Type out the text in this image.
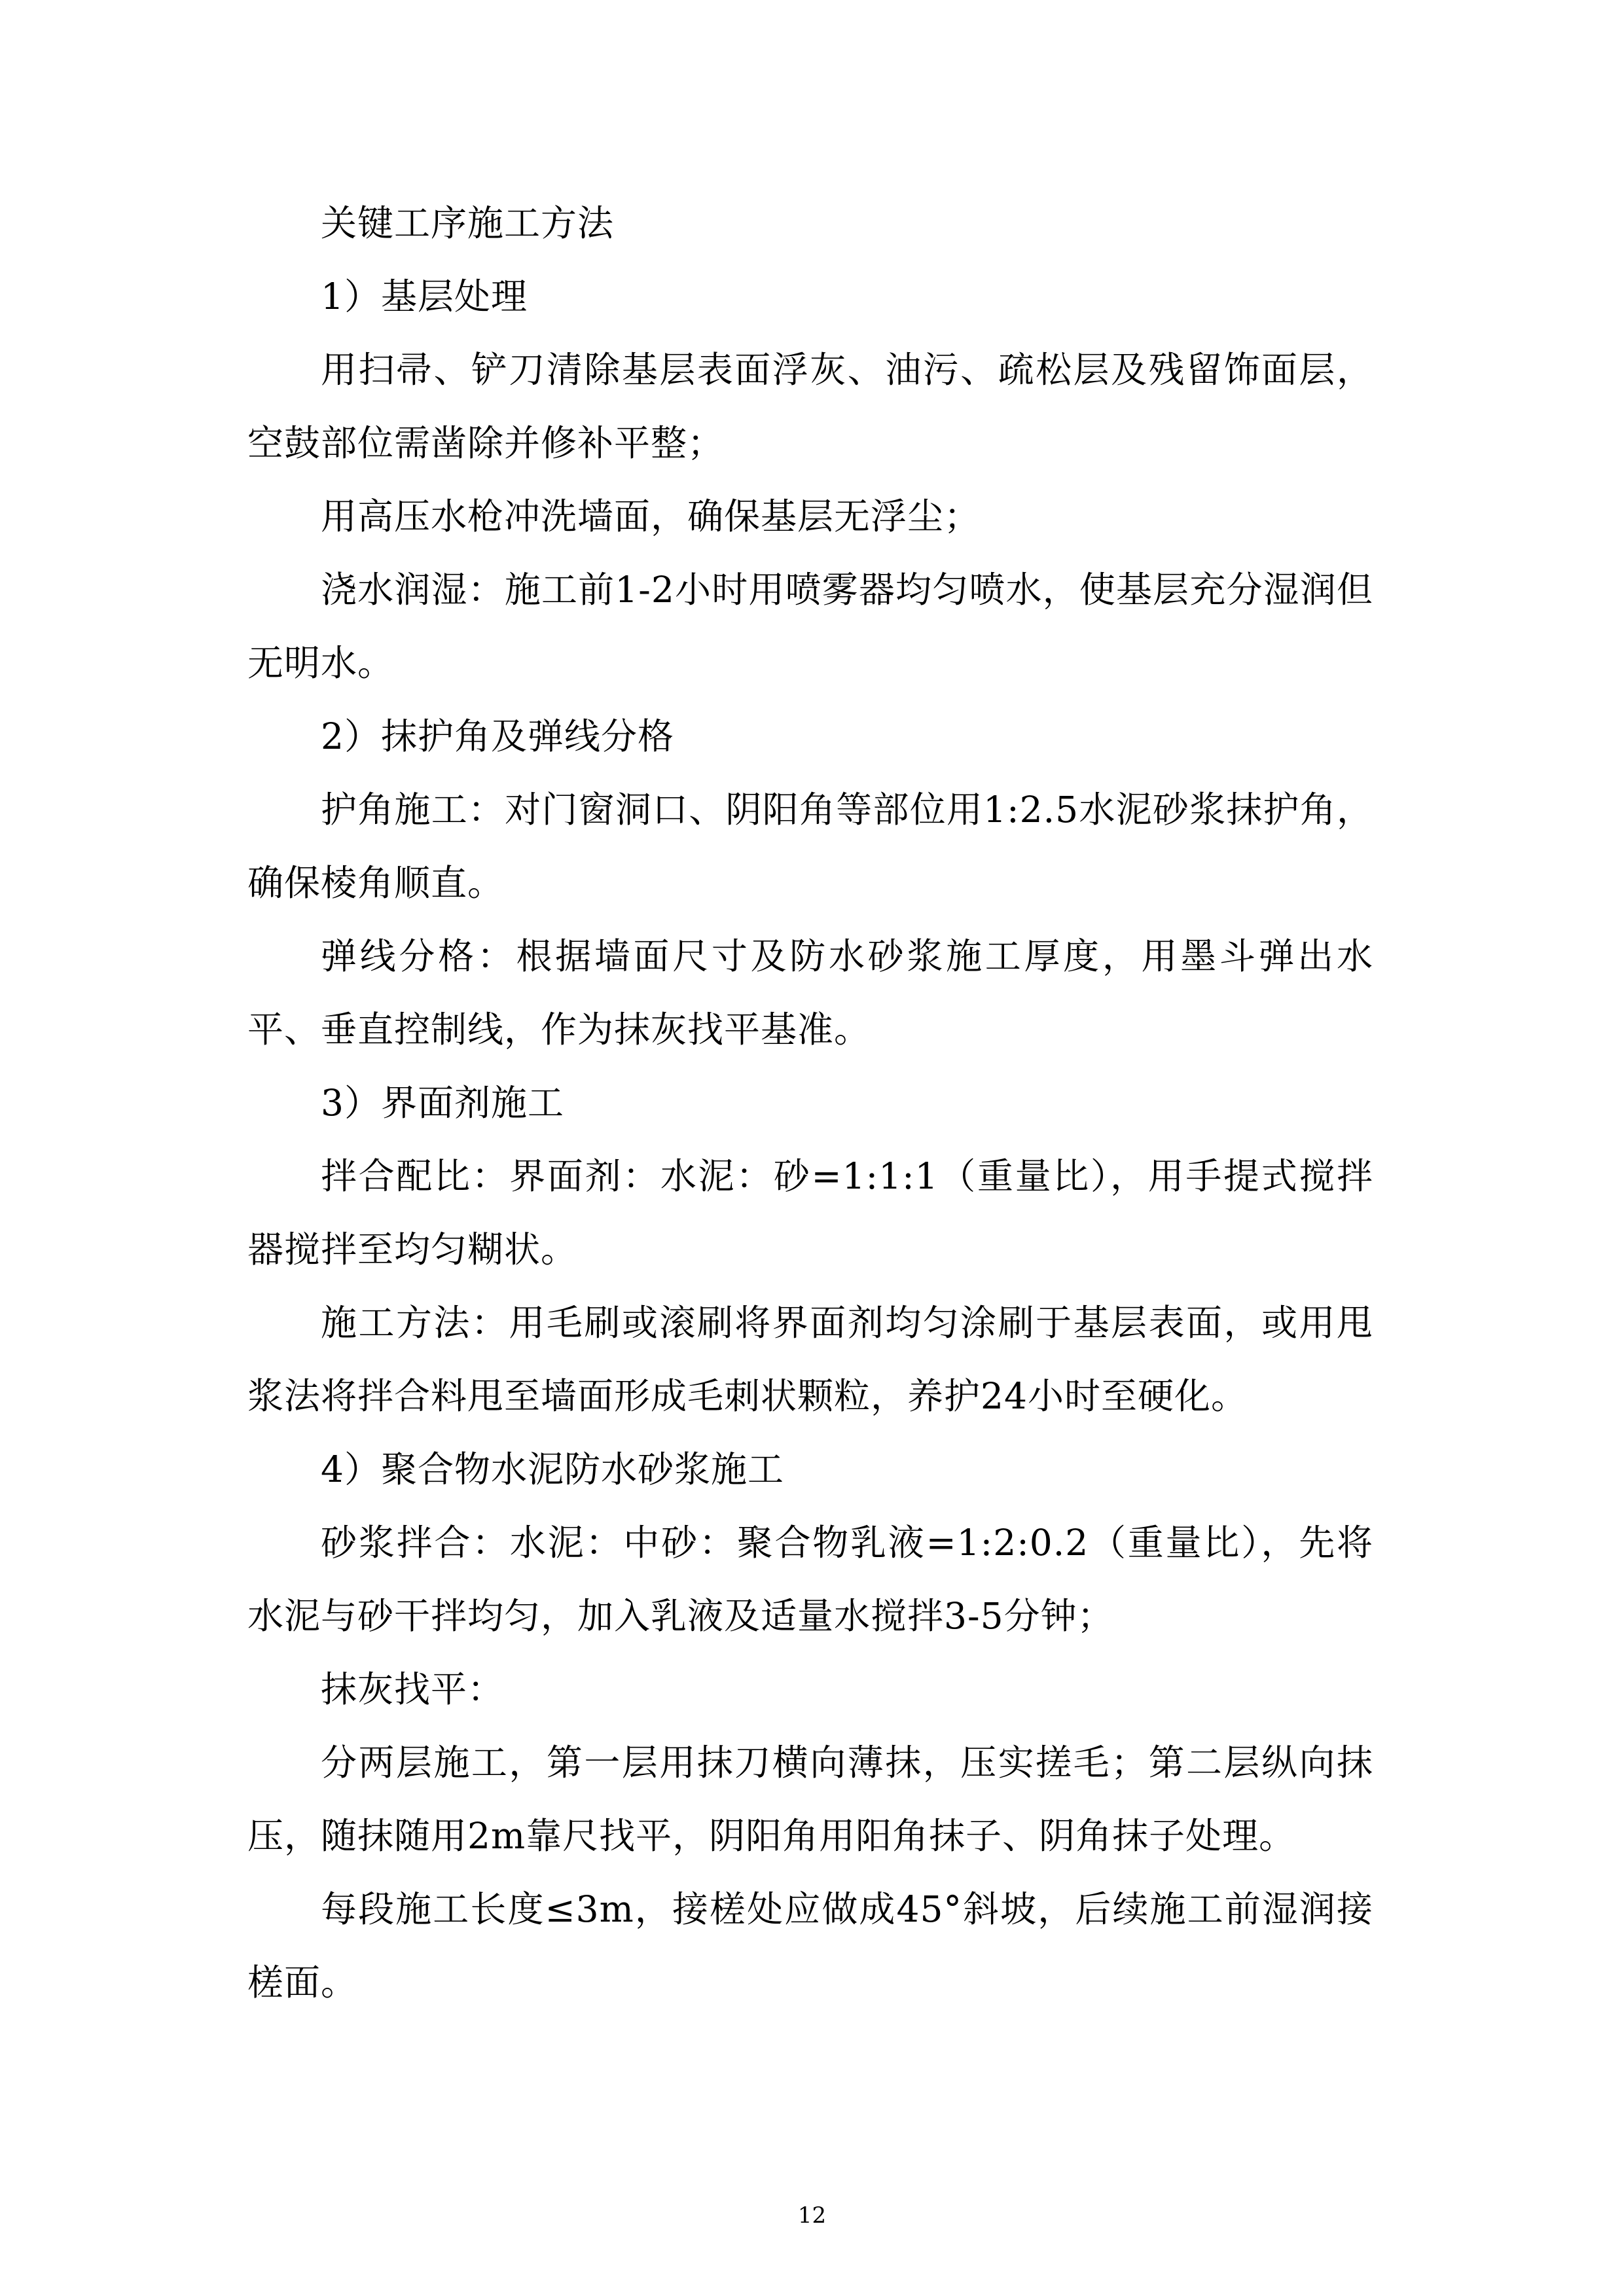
关键工序施工方法

1）基层处理

用扫帚、铲刀清除基层表面浮灰、油污、疏松层及残留饰面层，空鼓部位需凿除并修补平整；

用高压水枪冲洗墙面，确保基层无浮尘；

浇水润湿：施工前1-2小时用喷雾器均匀喷水，使基层充分湿润但无明水。

2）抹护角及弹线分格

护角施工：对门窗洞口、阴阳角等部位用1:2.5水泥砂浆抹护角，确保棱角顺直。

弹线分格：根据墙面尺寸及防水砂浆施工厚度，用墨斗弹出水平、垂直控制线，作为抹灰找平基准。

3）界面剂施工

拌合配比：界面剂：水泥：砂=1:1:1（重量比），用手提式搅拌器搅拌至均匀糊状。

施工方法：用毛刷或滚刷将界面剂均匀涂刷于基层表面，或用甩浆法将拌合料甩至墙面形成毛刺状颗粒，养护24小时至硬化。

4）聚合物水泥防水砂浆施工

砂浆拌合：水泥：中砂：聚合物乳液=1:2:0.2（重量比），先将水泥与砂干拌均匀，加入乳液及适量水搅拌3-5分钟；

抹灰找平：

分两层施工，第一层用抹刀横向薄抹，压实搓毛；第二层纵向抹压，随抹随用2m靠尺找平，阴阳角用阳角抹子、阴角抹子处理。

每段施工长度≤3m，接槎处应做成45°斜坡，后续施工前湿润接槎面。

12
